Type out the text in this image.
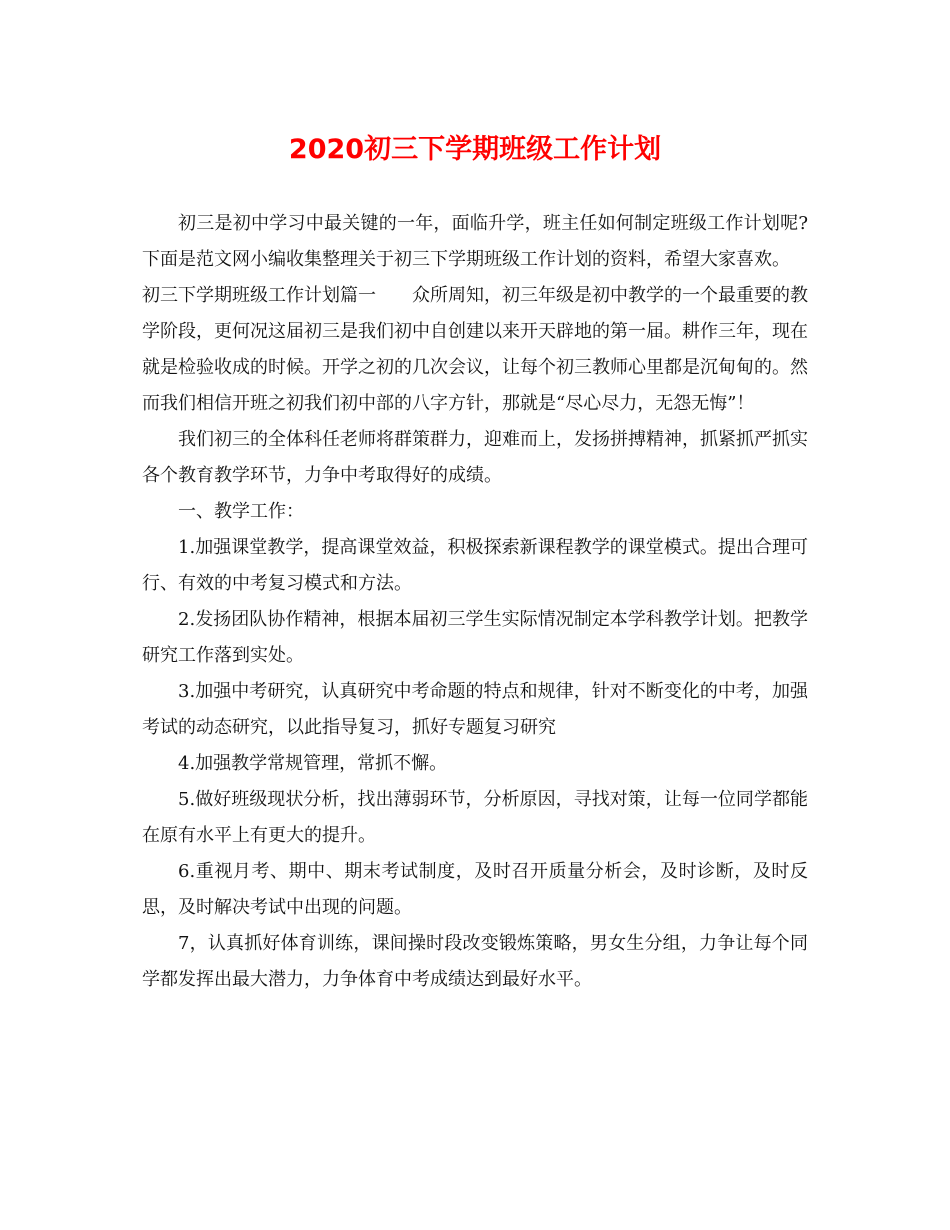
2020初三下学期班级工作计划

初三是初中学习中最关键的一年，面临升学，班主任如何制定班级工作计划呢?下面是范文网小编收集整理关于初三下学期班级工作计划的资料，希望大家喜欢。

初三下学期班级工作计划篇一　　众所周知，初三年级是初中教学的一个最重要的教学阶段，更何况这届初三是我们初中自创建以来开天辟地的第一届。耕作三年，现在就是检验收成的时候。开学之初的几次会议，让每个初三教师心里都是沉甸甸的。然而我们相信开班之初我们初中部的八字方针，那就是“尽心尽力，无怨无悔”！

我们初三的全体科任老师将群策群力，迎难而上，发扬拼搏精神，抓紧抓严抓实各个教育教学环节，力争中考取得好的成绩。

一、教学工作：

1.加强课堂教学，提高课堂效益，积极探索新课程教学的课堂模式。提出合理可行、有效的中考复习模式和方法。

2.发扬团队协作精神，根据本届初三学生实际情况制定本学科教学计划。把教学研究工作落到实处。

3.加强中考研究，认真研究中考命题的特点和规律，针对不断变化的中考，加强考试的动态研究，以此指导复习，抓好专题复习研究

4.加强教学常规管理，常抓不懈。

5.做好班级现状分析，找出薄弱环节，分析原因，寻找对策，让每一位同学都能在原有水平上有更大的提升。

6.重视月考、期中、期末考试制度，及时召开质量分析会，及时诊断，及时反思，及时解决考试中出现的问题。

7，认真抓好体育训练，课间操时段改变锻炼策略，男女生分组，力争让每个同学都发挥出最大潜力，力争体育中考成绩达到最好水平。
